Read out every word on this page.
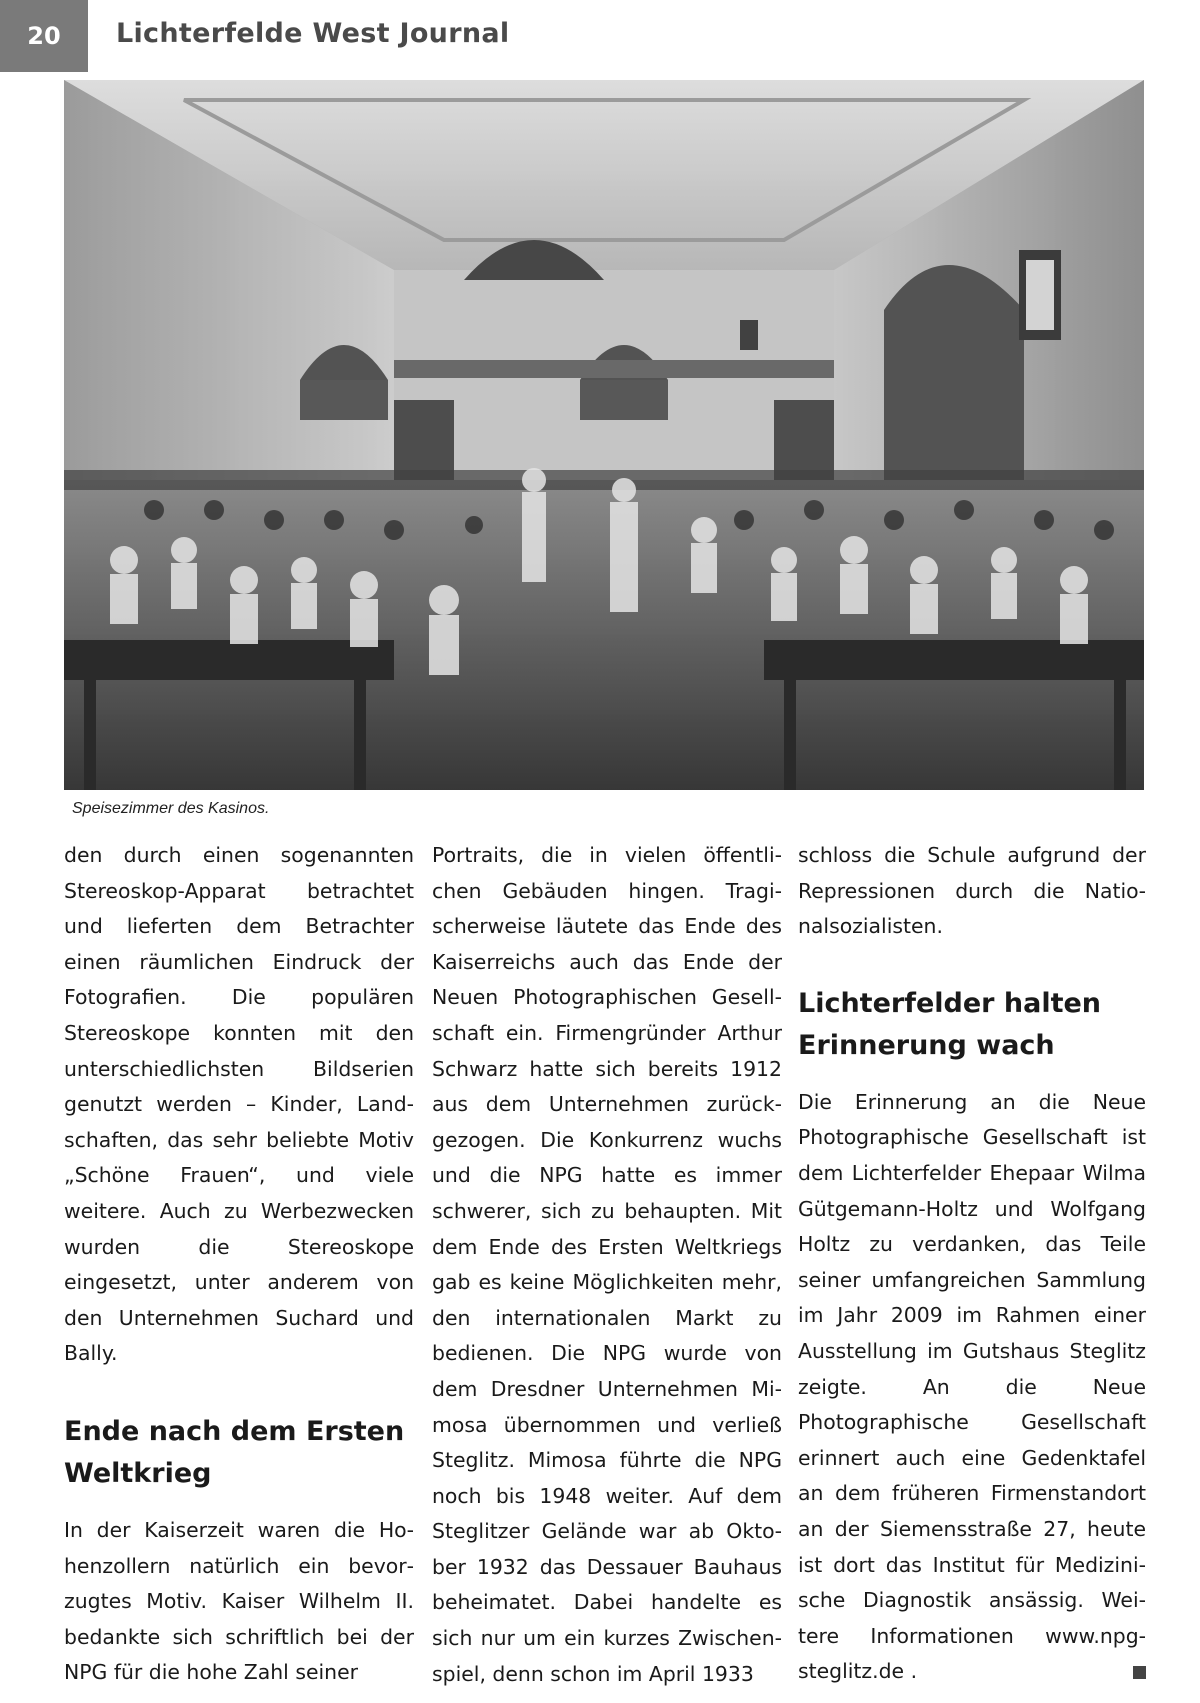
20	Lichterfelde West Journal
Speisezimmer des Kasinos.

den durch einen sogenannten Stereoskop-Apparat betrachtet und lieferten dem Betrachter einen räumlichen Eindruck der Fotografien. Die populären Stereoskope konnten mit den unterschiedlichsten Bildserien genutzt werden – Kinder, Landschaften, das sehr beliebte Motiv „Schöne Frauen“, und viele weitere. Auch zu Werbezwecken wurden die Stereoskope eingesetzt, unter anderem von den Unternehmen Suchard und Bally.

Ende nach dem Ersten Weltkrieg

In der Kaiserzeit waren die Hohenzollern natürlich ein bevorzugtes Motiv. Kaiser Wilhelm II. bedankte sich schriftlich bei der NPG für die hohe Zahl seiner

Portraits, die in vielen öffentlichen Gebäuden hingen. Tragischerweise läutete das Ende des Kaiserreichs auch das Ende der Neuen Photographischen Gesellschaft ein. Firmengründer Arthur Schwarz hatte sich bereits 1912 aus dem Unternehmen zurückgezogen. Die Konkurrenz wuchs und die NPG hatte es immer schwerer, sich zu behaupten. Mit dem Ende des Ersten Weltkriegs gab es keine Möglichkeiten mehr, den internationalen Markt zu bedienen. Die NPG wurde von dem Dresdner Unternehmen Mimosa übernommen und verließ Steglitz. Mimosa führte die NPG noch bis 1948 weiter. Auf dem Steglitzer Gelände war ab Oktober 1932 das Dessauer Bauhaus beheimatet. Dabei handelte es sich nur um ein kurzes Zwischenspiel, denn schon im April 1933

schloss die Schule aufgrund der Repressionen durch die Nationalsozialisten.

Lichterfelder halten Erinnerung wach

Die Erinnerung an die Neue Photographische Gesellschaft ist dem Lichterfelder Ehepaar Wilma Gütgemann-Holtz und Wolfgang Holtz zu verdanken, das Teile seiner umfangreichen Sammlung im Jahr 2009 im Rahmen einer Ausstellung im Gutshaus Steglitz zeigte. An die Neue Photographische Gesellschaft erinnert auch eine Gedenktafel an dem früheren Firmenstandort an der Siemensstraße 27, heute ist dort das Institut für Medizinische Diagnostik ansässig. Weitere Informationen www.npg-steglitz.de .
